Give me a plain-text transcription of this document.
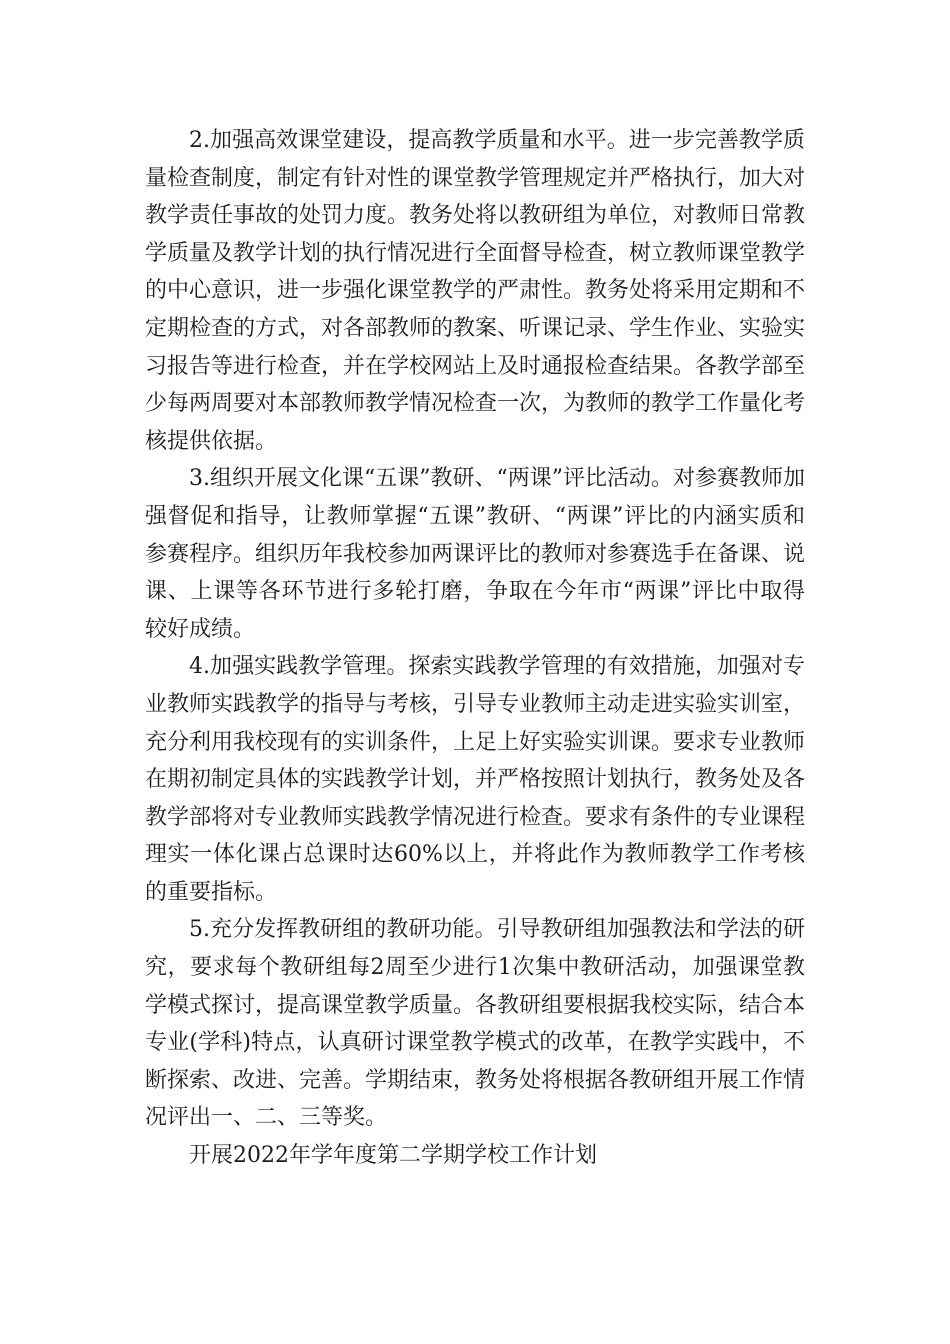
2.加强高效课堂建设，提高教学质量和水平。进一步完善教学质量检查制度，制定有针对性的课堂教学管理规定并严格执行，加大对教学责任事故的处罚力度。教务处将以教研组为单位，对教师日常教学质量及教学计划的执行情况进行全面督导检查，树立教师课堂教学的中心意识，进一步强化课堂教学的严肃性。教务处将采用定期和不定期检查的方式，对各部教师的教案、听课记录、学生作业、实验实习报告等进行检查，并在学校网站上及时通报检查结果。各教学部至少每两周要对本部教师教学情况检查一次，为教师的教学工作量化考核提供依据。

3.组织开展文化课“五课”教研、“两课”评比活动。对参赛教师加强督促和指导，让教师掌握“五课”教研、“两课”评比的内涵实质和参赛程序。组织历年我校参加两课评比的教师对参赛选手在备课、说课、上课等各环节进行多轮打磨，争取在今年市“两课”评比中取得较好成绩。

4.加强实践教学管理。探索实践教学管理的有效措施，加强对专业教师实践教学的指导与考核，引导专业教师主动走进实验实训室，充分利用我校现有的实训条件，上足上好实验实训课。要求专业教师在期初制定具体的实践教学计划，并严格按照计划执行，教务处及各教学部将对专业教师实践教学情况进行检查。要求有条件的专业课程理实一体化课占总课时达60%以上，并将此作为教师教学工作考核的重要指标。

5.充分发挥教研组的教研功能。引导教研组加强教法和学法的研究，要求每个教研组每2周至少进行1次集中教研活动，加强课堂教学模式探讨，提高课堂教学质量。各教研组要根据我校实际，结合本专业(学科)特点，认真研讨课堂教学模式的改革，在教学实践中，不断探索、改进、完善。学期结束，教务处将根据各教研组开展工作情况评出一、二、三等奖。

开展2022年学年度第二学期学校工作计划
